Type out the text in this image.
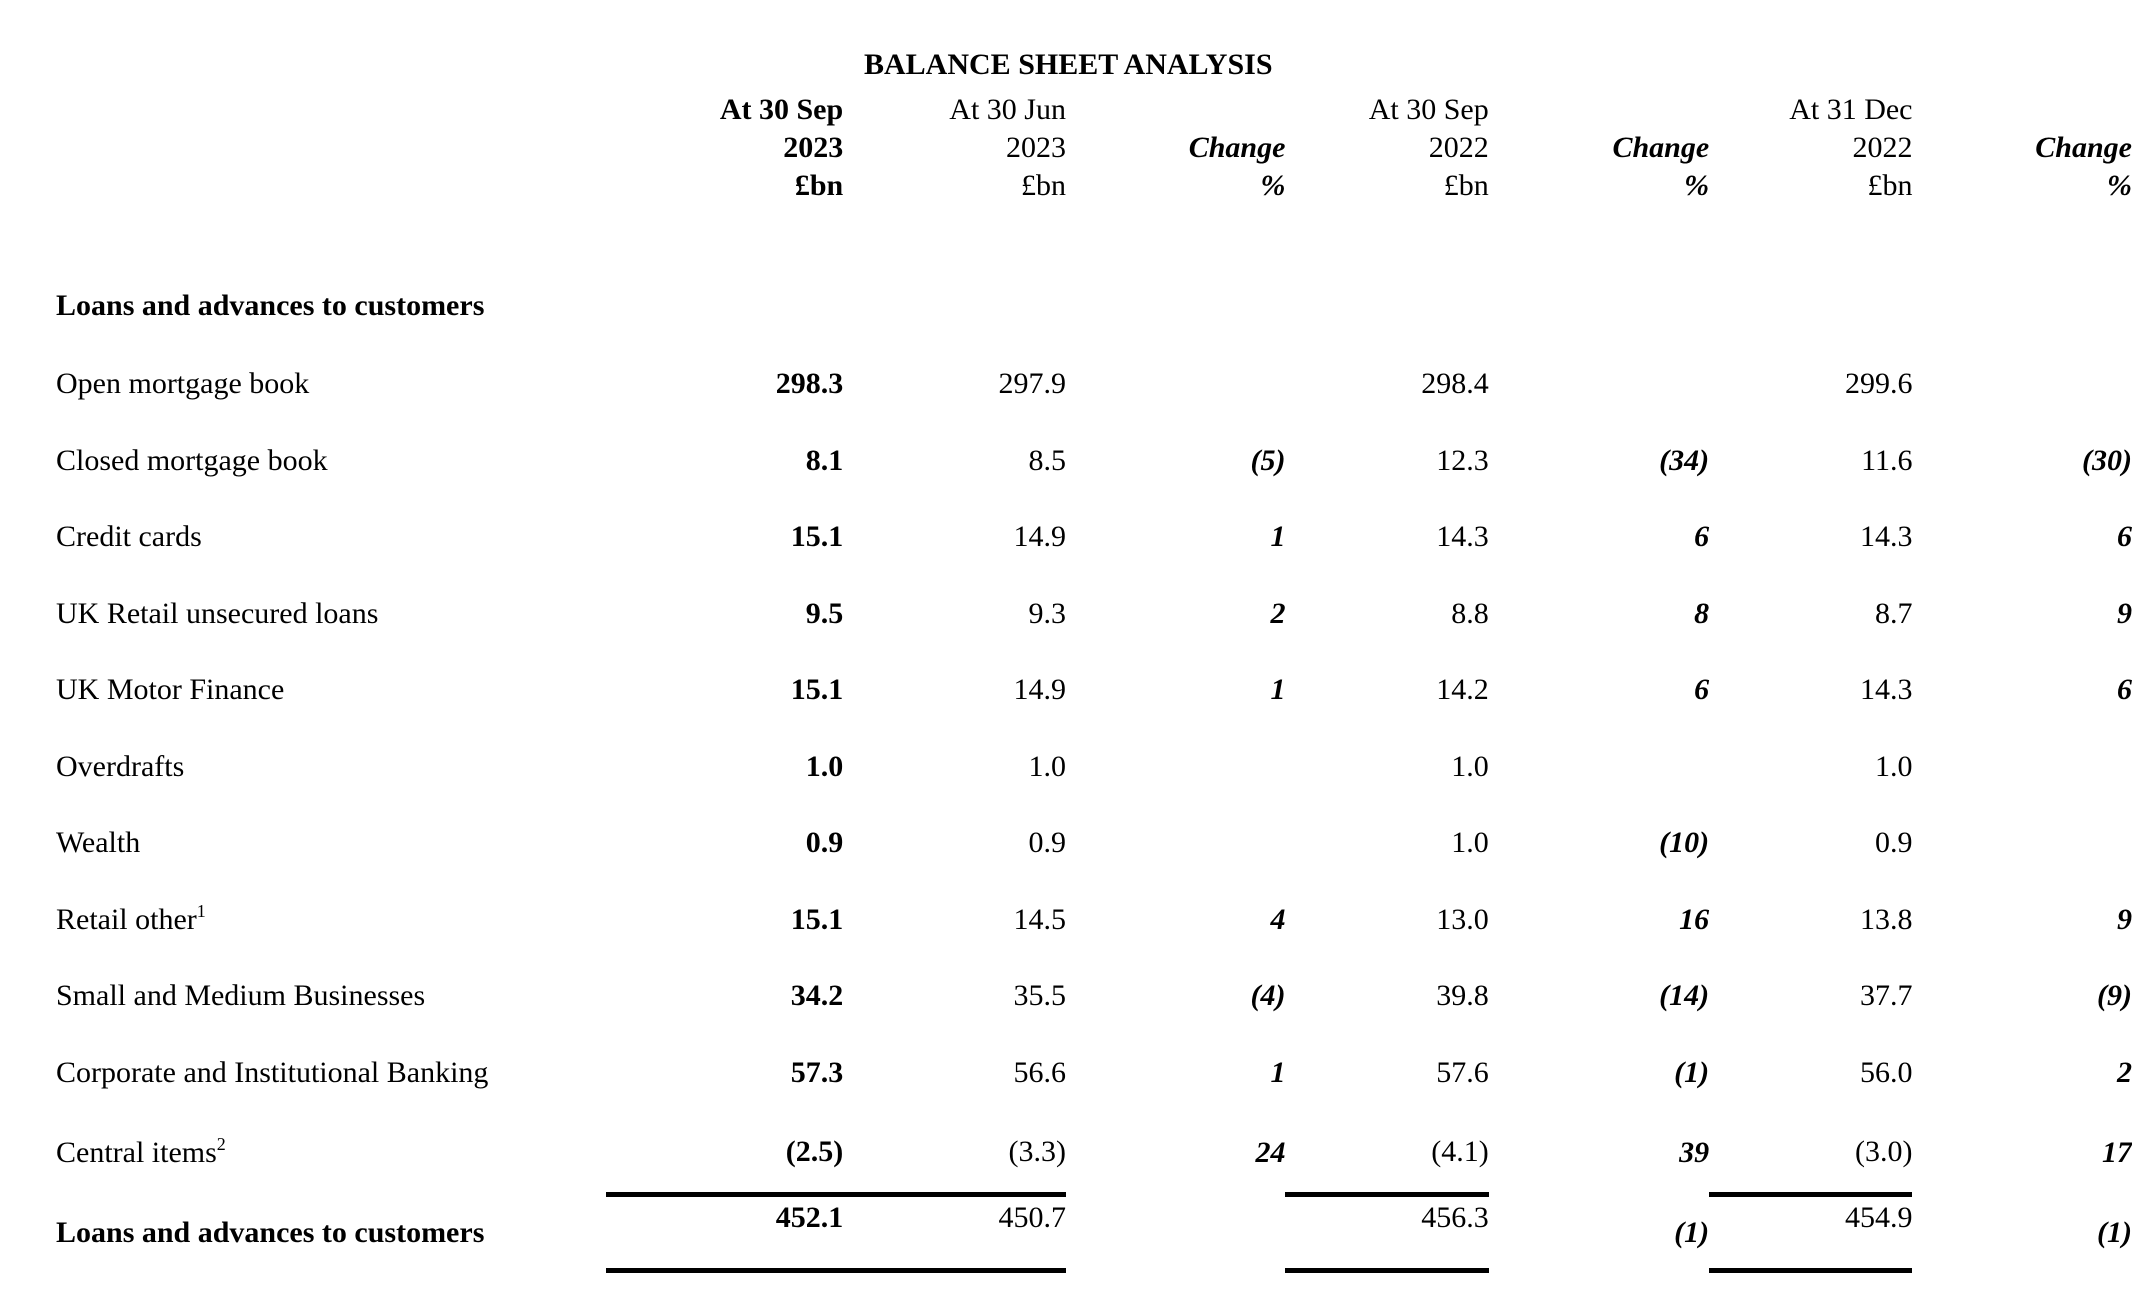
BALANCE SHEET ANALYSIS
	At 30 Sep	At 30 Jun		At 30 Sep		At 31 Dec	
	2023	2023	Change	2022	Change	2022	Change
	£bn	£bn	%	£bn	%	£bn	%

Loans and advances to customers							
Open mortgage book	298.3	297.9		298.4		299.6	
Closed mortgage book	8.1	8.5	(5)	12.3	(34)	11.6	(30)
Credit cards	15.1	14.9	1	14.3	6	14.3	6
UK Retail unsecured loans	9.5	9.3	2	8.8	8	8.7	9
UK Motor Finance	15.1	14.9	1	14.2	6	14.3	6
Overdrafts	1.0	1.0		1.0		1.0	
Wealth	0.9	0.9		1.0	(10)	0.9	
Retail other$^1$	15.1	14.5	4	13.0	16	13.8	9
Small and Medium Businesses	34.2	35.5	(4)	39.8	(14)	37.7	(9)
Corporate and Institutional Banking	57.3	56.6	1	57.6	(1)	56.0	2
Central items$^2$	(2.5)	(3.3)	24	(4.1)	39	(3.0)	17
Loans and advances to customers	452.1	450.7		456.3	(1)	454.9	(1)
